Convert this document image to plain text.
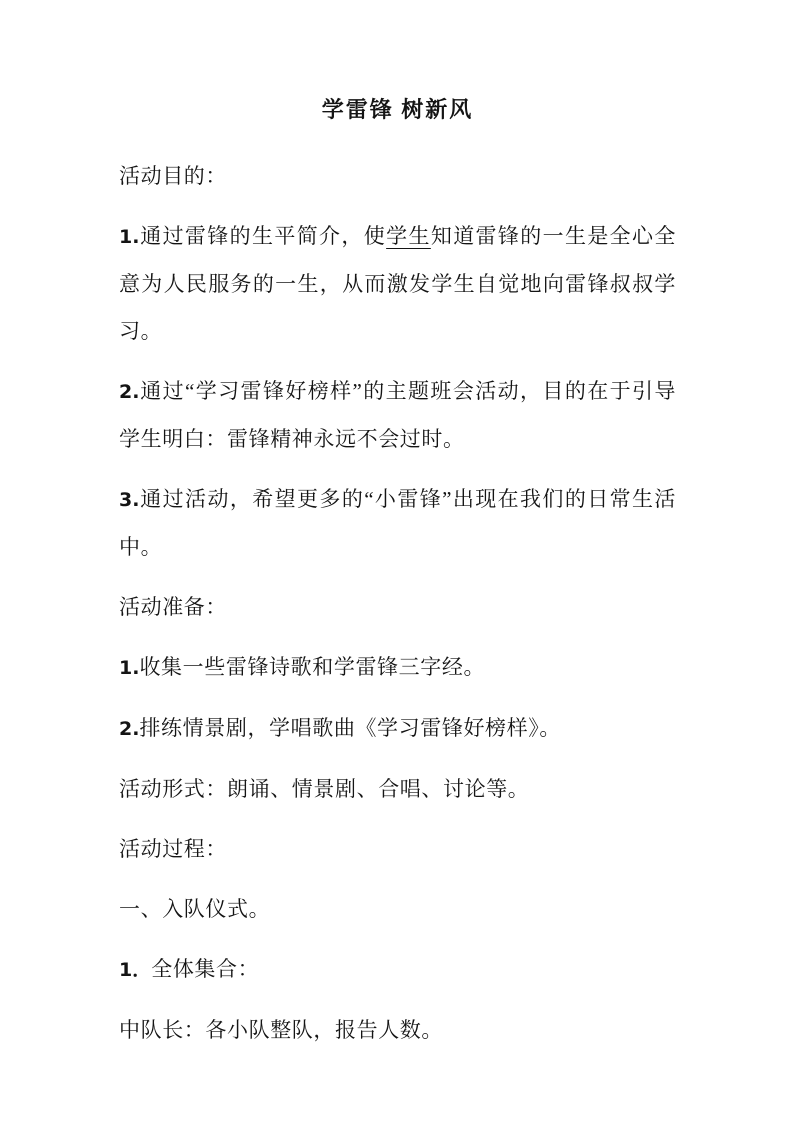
学雷锋 树新风

活动目的：

1.通过雷锋的生平简介，使学生知道雷锋的一生是全心全意为人民服务的一生，从而激发学生自觉地向雷锋叔叔学习。

2.通过“学习雷锋好榜样”的主题班会活动，目的在于引导学生明白：雷锋精神永远不会过时。

3.通过活动，希望更多的“小雷锋”出现在我们的日常生活中。

活动准备：

1.收集一些雷锋诗歌和学雷锋三字经。

2.排练情景剧，学唱歌曲《学习雷锋好榜样》。

活动形式：朗诵、情景剧、合唱、讨论等。

活动过程：

一、入队仪式。

1．全体集合：

中队长：各小队整队，报告人数。
